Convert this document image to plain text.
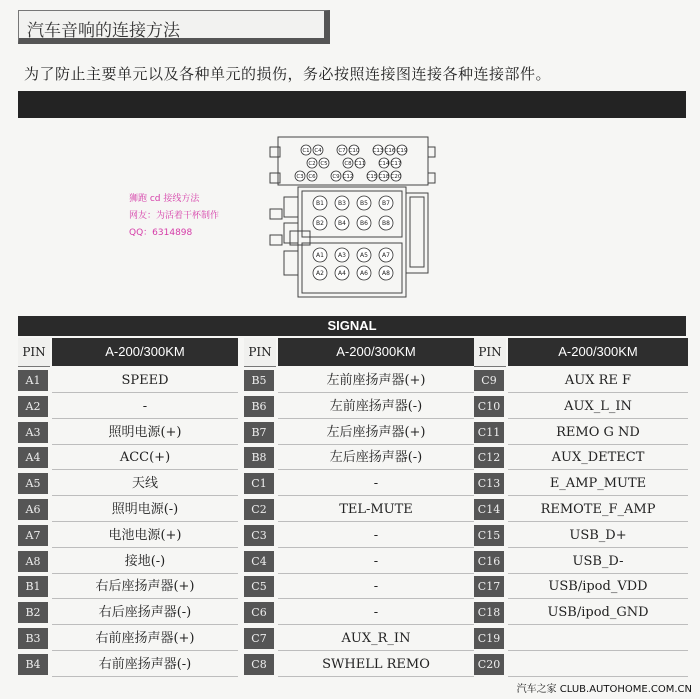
汽车音响的连接方法
为了防止主要单元以及各种单元的损伤，务必按照连接图连接各种连接部件。
C1 C4	C7 C10 C13 C16 C19
C2 C5	C8 C11 C14 C17
C3 C6	C9 C12 C15 C18 C20
B1 B3 B5 B7
B2 B4 B6 B8
A1 A3 A5 A7
A2 A4 A6 A8
狮跑 cd 接线方法
网友：为活着干杯制作
QQ：6314898
SIGNAL
PIN	A-200/300KM
A1	SPEED
A2	-
A3	照明电源(+)
A4	ACC(+)
A5	天线
A6	照明电源(-)
A7	电池电源(+)
A8	接地(-)
B1	右后座扬声器(+)
B2	右后座扬声器(-)
B3	右前座扬声器(+)
B4	右前座扬声器(-)
PIN	A-200/300KM
B5	左前座扬声器(+)
B6	左前座扬声器(-)
B7	左后座扬声器(+)
B8	左后座扬声器(-)
C1	-
C2	TEL-MUTE
C3	-
C4	-
C5	-
C6	-
C7	AUX_R_IN
C8	SWHELL REMO
PIN	A-200/300KM
C9	AUX RE F
C10	AUX_L_IN
C11	REMO G ND
C12	AUX_DETECT
C13	E_AMP_MUTE
C14	REMOTE_F_AMP
C15	USB_D+
C16	USB_D-
C17	USB/ipod_VDD
C18	USB/ipod_GND
C19
C20
汽车之家 CLUB.AUTOHOME.COM.CN
